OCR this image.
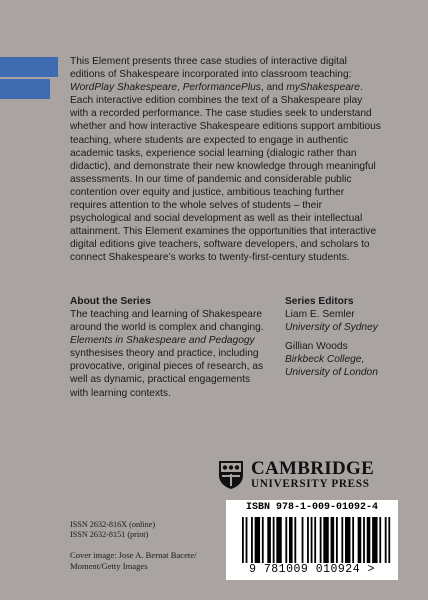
This Element presents three case studies of interactive digital editions of Shakespeare incorporated into classroom teaching: WordPlay Shakespeare, PerformancePlus, and myShakespeare. Each interactive edition combines the text of a Shakespeare play with a recorded performance. The case studies seek to understand whether and how interactive Shakespeare editions support ambitious teaching, where students are expected to engage in authentic academic tasks, experience social learning (dialogic rather than didactic), and demonstrate their new knowledge through meaningful assessments. In our time of pandemic and considerable public contention over equity and justice, ambitious teaching further requires attention to the whole selves of students – their psychological and social development as well as their intellectual attainment. This Element examines the opportunities that interactive digital editions give teachers, software developers, and scholars to connect Shakespeare’s works to twenty-first-century students.

About the Series

The teaching and learning of Shakespeare around the world is complex and changing. Elements in Shakespeare and Pedagogy synthesises theory and practice, including provocative, original pieces of research, as well as dynamic, practical engagements with learning contexts.

Series Editors
Liam E. Semler
University of Sydney
Gillian Woods
Birkbeck College, University of London
CAMBRIDGE
UNIVERSITY PRESS
ISSN 2632-816X (online)
ISSN 2632-8151 (print)
Cover image: Jose A. Bernat Bacete/
Moment/Getty Images
ISBN 978-1-009-01092-4
9 781009 010924 >
